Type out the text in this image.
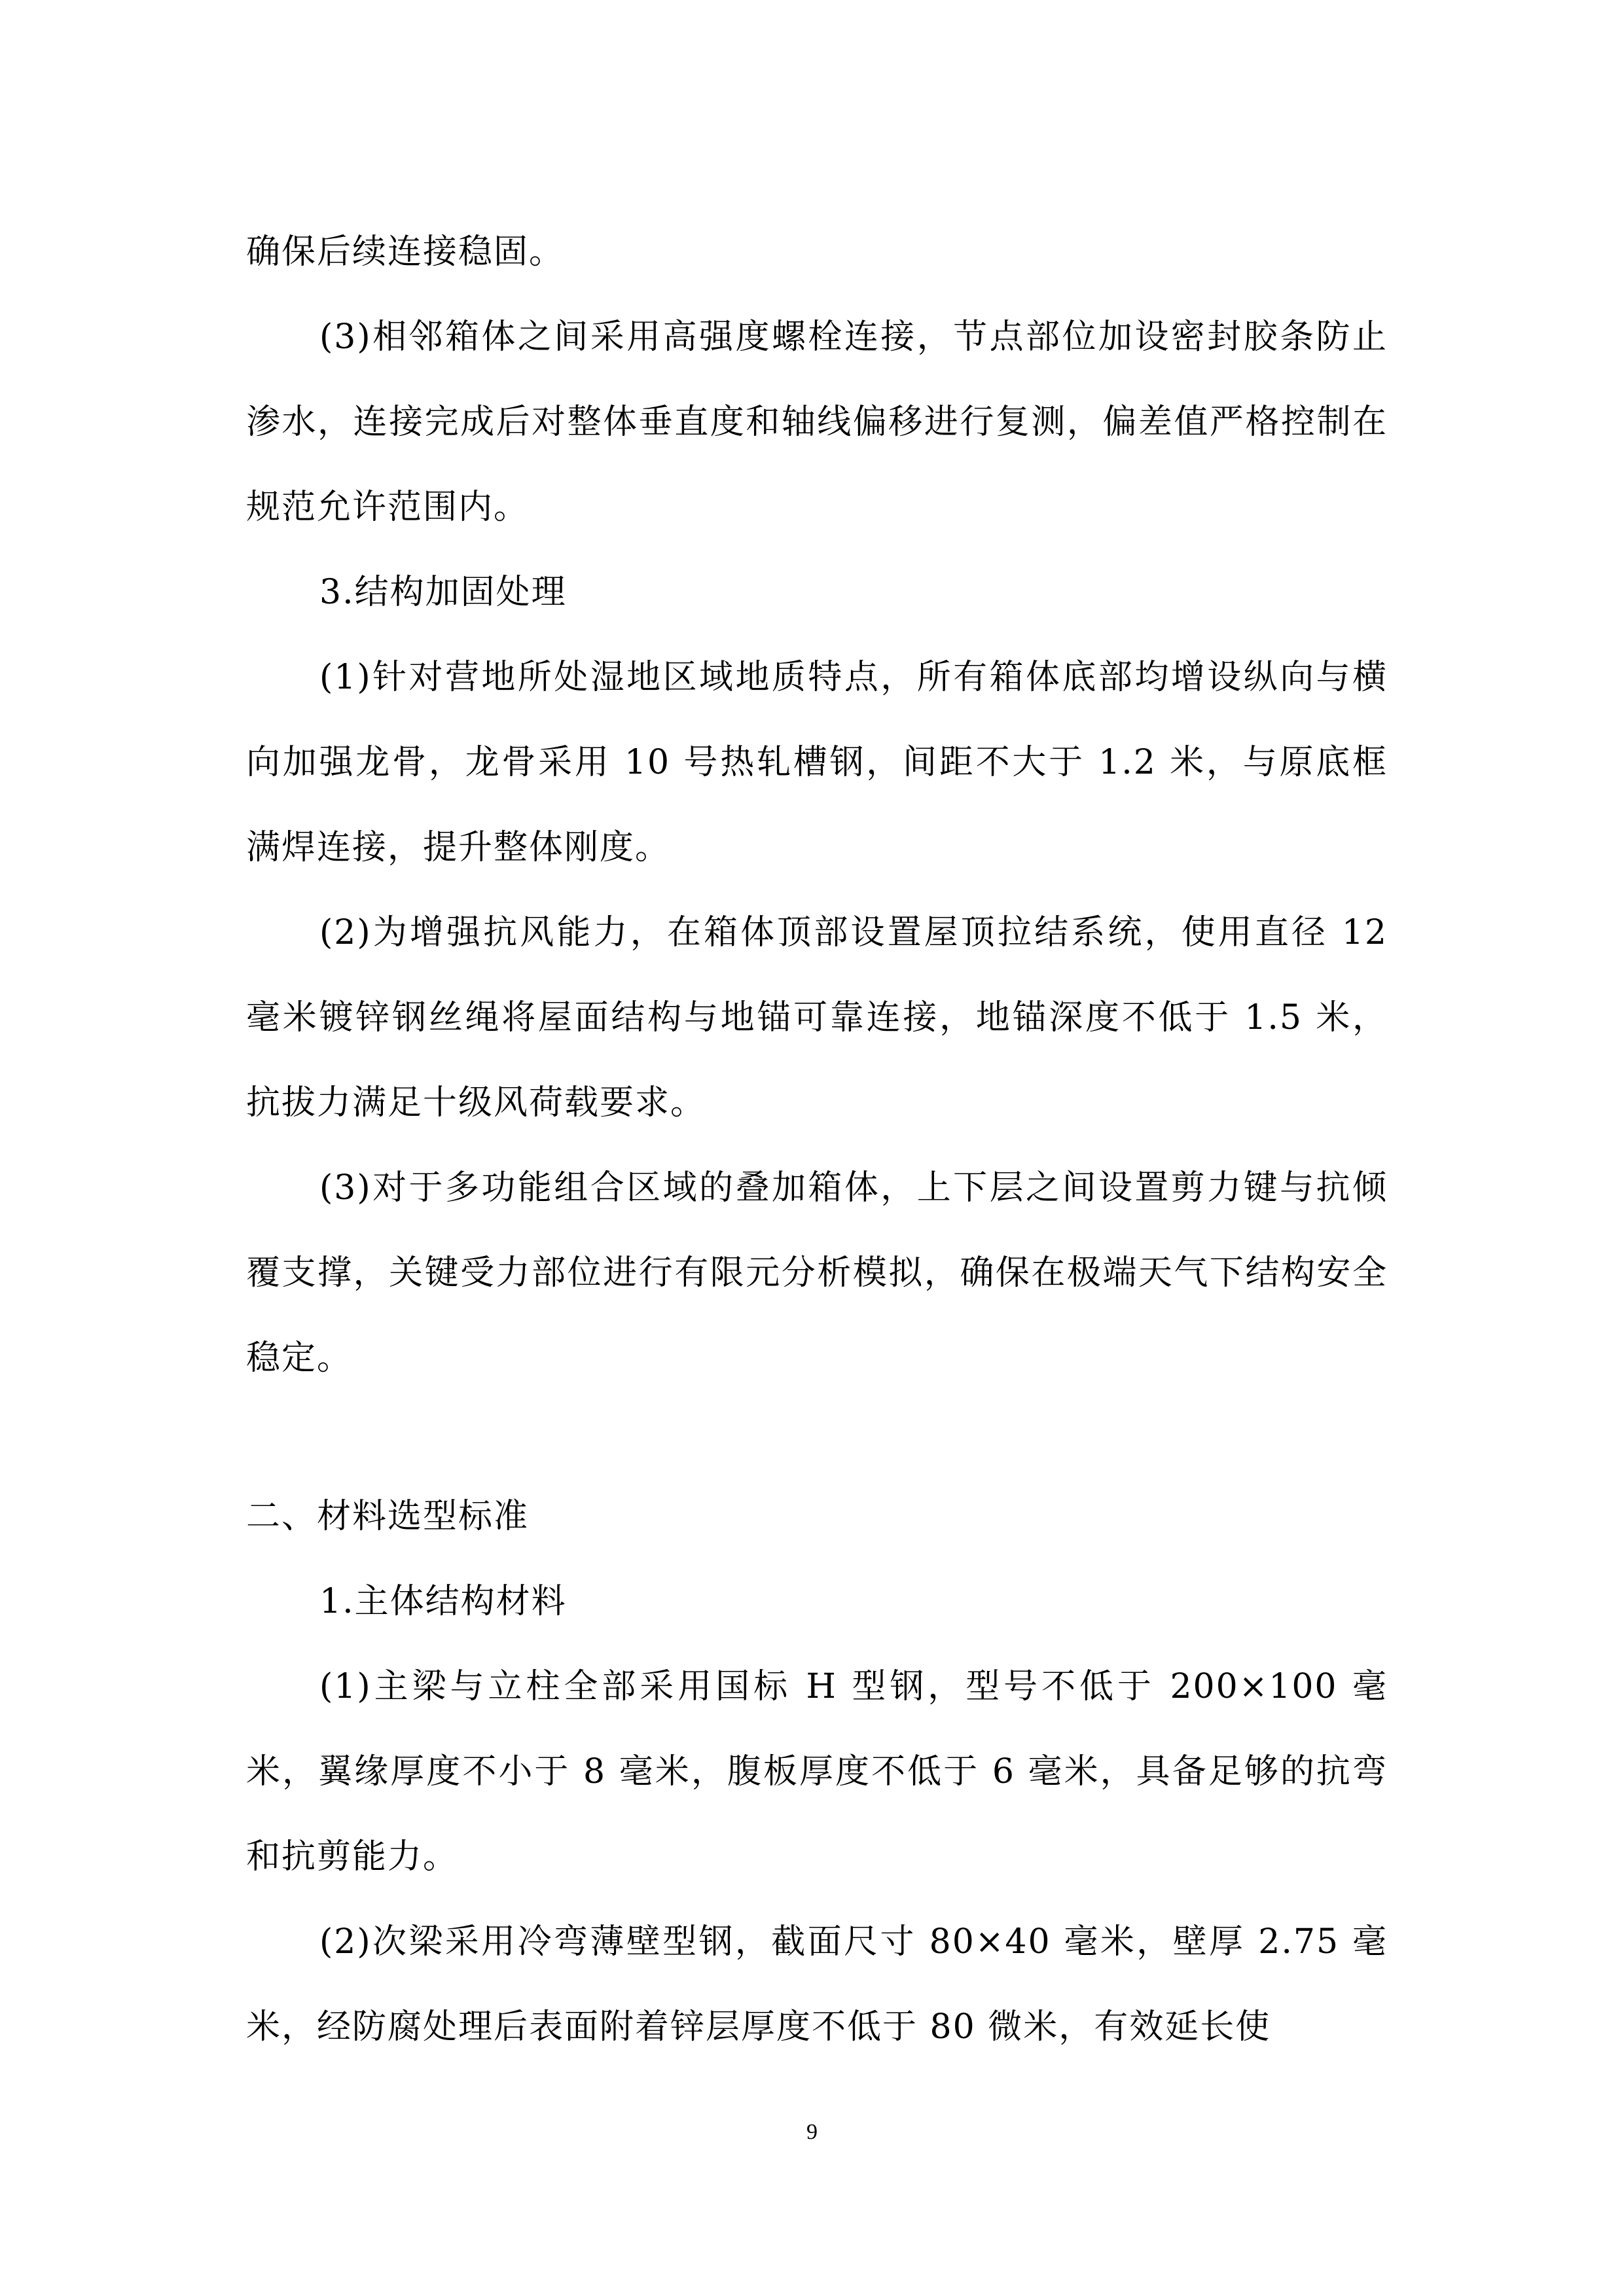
确保后续连接稳固。

(3)相邻箱体之间采用高强度螺栓连接，节点部位加设密封胶条防止渗水，连接完成后对整体垂直度和轴线偏移进行复测，偏差值严格控制在规范允许范围内。

3.结构加固处理

(1)针对营地所处湿地区域地质特点，所有箱体底部均增设纵向与横向加强龙骨，龙骨采用 10 号热轧槽钢，间距不大于 1.2 米，与原底框满焊连接，提升整体刚度。

(2)为增强抗风能力，在箱体顶部设置屋顶拉结系统，使用直径 12 毫米镀锌钢丝绳将屋面结构与地锚可靠连接，地锚深度不低于 1.5 米，抗拔力满足十级风荷载要求。

(3)对于多功能组合区域的叠加箱体，上下层之间设置剪力键与抗倾覆支撑，关键受力部位进行有限元分析模拟，确保在极端天气下结构安全稳定。

二、材料选型标准

1.主体结构材料

(1)主梁与立柱全部采用国标 H 型钢，型号不低于 200×100 毫米，翼缘厚度不小于 8 毫米，腹板厚度不低于 6 毫米，具备足够的抗弯和抗剪能力。

(2)次梁采用冷弯薄壁型钢，截面尺寸 80×40 毫米，壁厚 2.75 毫米，经防腐处理后表面附着锌层厚度不低于 80 微米，有效延长使

9
